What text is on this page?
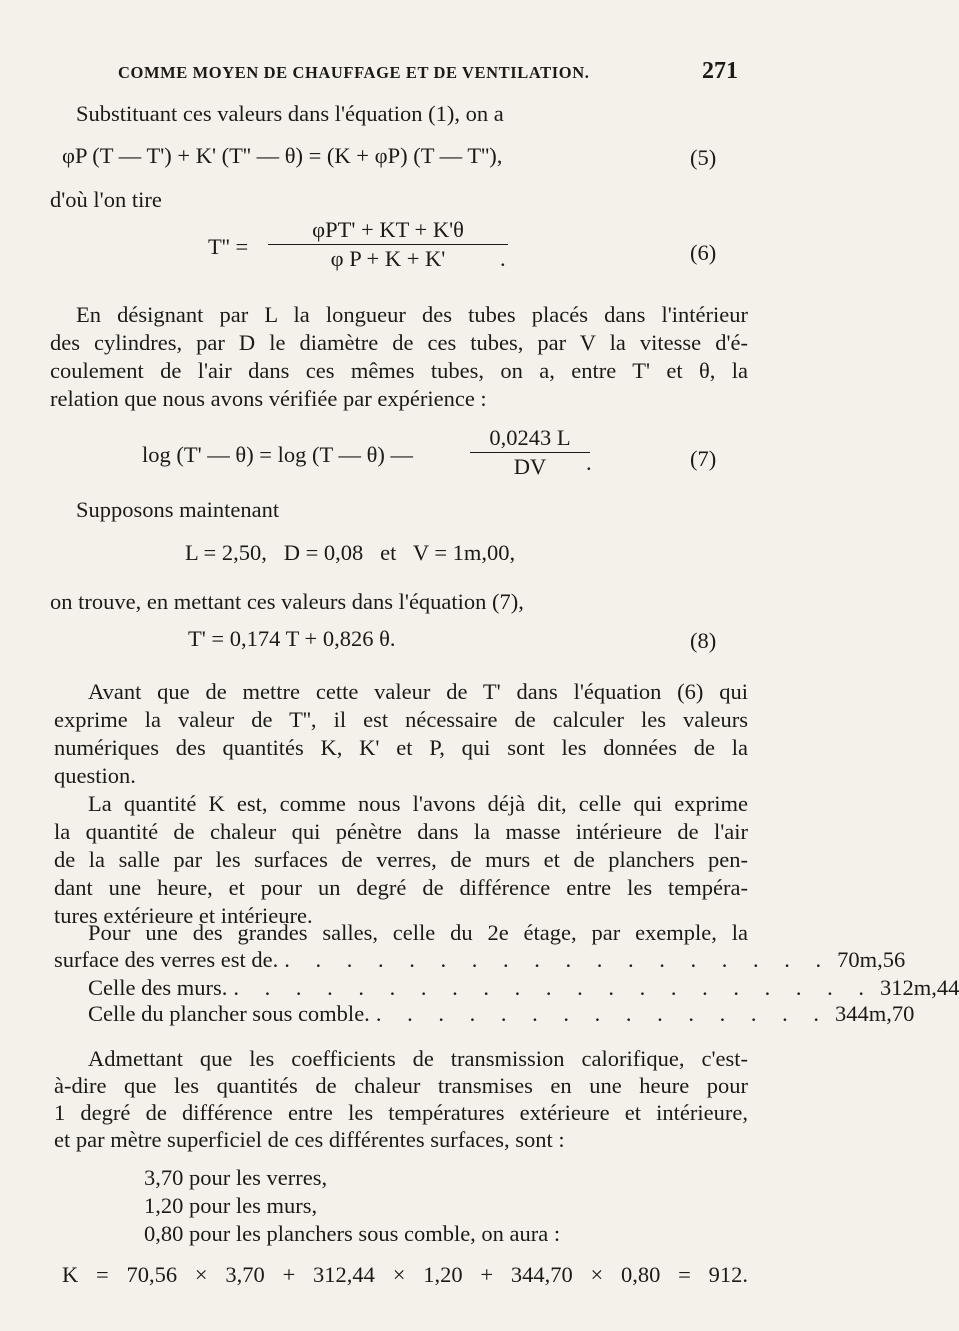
COMME MOYEN DE CHAUFFAGE ET DE VENTILATION.	271
Substituant ces valeurs dans l'équation (1), on a
φP (T — T') + K' (T'' — θ) = (K + φP) (T — T''),	(5)
d'où l'on tire
T'' =
φPT' + KT + K'θ
φ P + K + K'	.	(6)
En désignant par L la longueur des tubes placés dans l'intérieur
des cylindres, par D le diamètre de ces tubes, par V la vitesse d'é-
coulement de l'air dans ces mêmes tubes, on a, entre T' et θ, la
relation que nous avons vérifiée par expérience :
log (T' — θ) = log (T — θ) —	$\frac{0,0243 L}{DV}$
.	(7)
Supposons maintenant
L = 2,50,   D = 0,08   et   V = 1m,00,
on trouve, en mettant ces valeurs dans l'équation (7),
T' = 0,174 T + 0,826 θ.	(8)
Avant que de mettre cette valeur de T' dans l'équation (6) qui
exprime la valeur de T'', il est nécessaire de calculer les valeurs
numériques des quantités K, K' et P, qui sont les données de la
question.
La quantité K est, comme nous l'avons déjà dit, celle qui exprime
la quantité de chaleur qui pénètre dans la masse intérieure de l'air
de la salle par les surfaces de verres, de murs et de planchers pen-
dant une heure, et pour un degré de différence entre les tempéra-
tures extérieure et intérieure.
Pour une des grandes salles, celle du 2e étage, par exemple, la
surface des verres est de. . . . . . . . . . . . . . . . . . . 70m,56
Celle des murs. . . . . . . . . . . . . . . . . . . . . . 312m,44
Celle du plancher sous comble. . . . . . . . . . . . . . . . 344m,70
Admettant que les coefficients de transmission calorifique, c'est-
à-dire que les quantités de chaleur transmises en une heure pour
1 degré de différence entre les températures extérieure et intérieure,
et par mètre superficiel de ces différentes surfaces, sont :
3,70 pour les verres,
1,20 pour les murs,
0,80 pour les planchers sous comble, on aura :
K = 70,56 × 3,70 + 312,44 × 1,20 + 344,70 × 0,80 = 912.
